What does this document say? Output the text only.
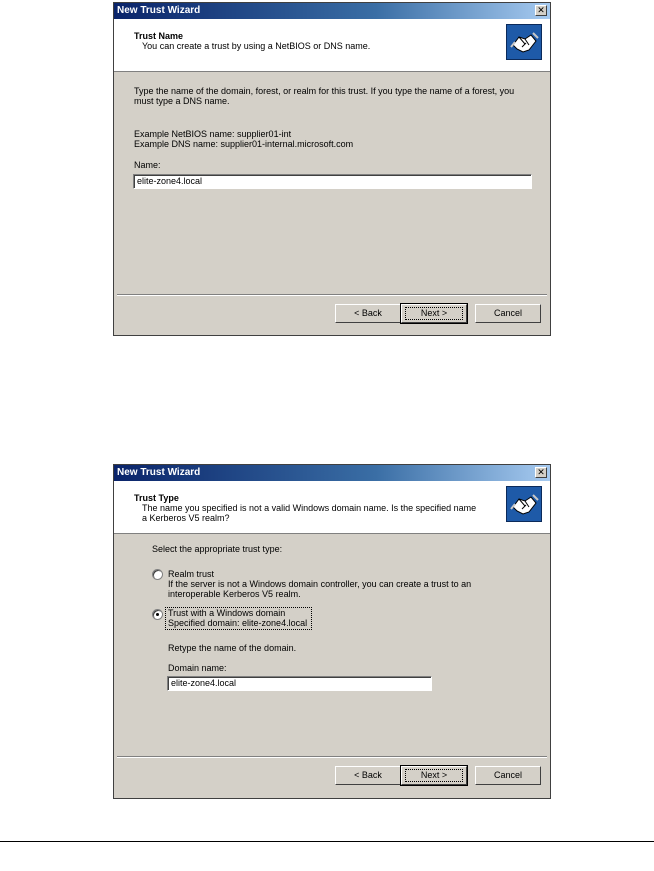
New Trust Wizard	✕
Trust Name
You can create a trust by using a NetBIOS or DNS name.
Type the name of the domain, forest, or realm for this trust. If you type the name of a forest, you must type a DNS name.
Example NetBIOS name: supplier01-int
Example DNS name: supplier01-internal.microsoft.com
Name:
elite-zone4.local
< Back	Next >	Cancel
New Trust Wizard	✕
Trust Type
The name you specified is not a valid Windows domain name. Is the specified name a Kerberos V5 realm?
Select the appropriate trust type:
Realm trust
If the server is not a Windows domain controller, you can create a trust to an interoperable Kerberos V5 realm.
Trust with a Windows domain
Specified domain: elite-zone4.local
Retype the name of the domain.
Domain name:
elite-zone4.local
< Back	Next >	Cancel
